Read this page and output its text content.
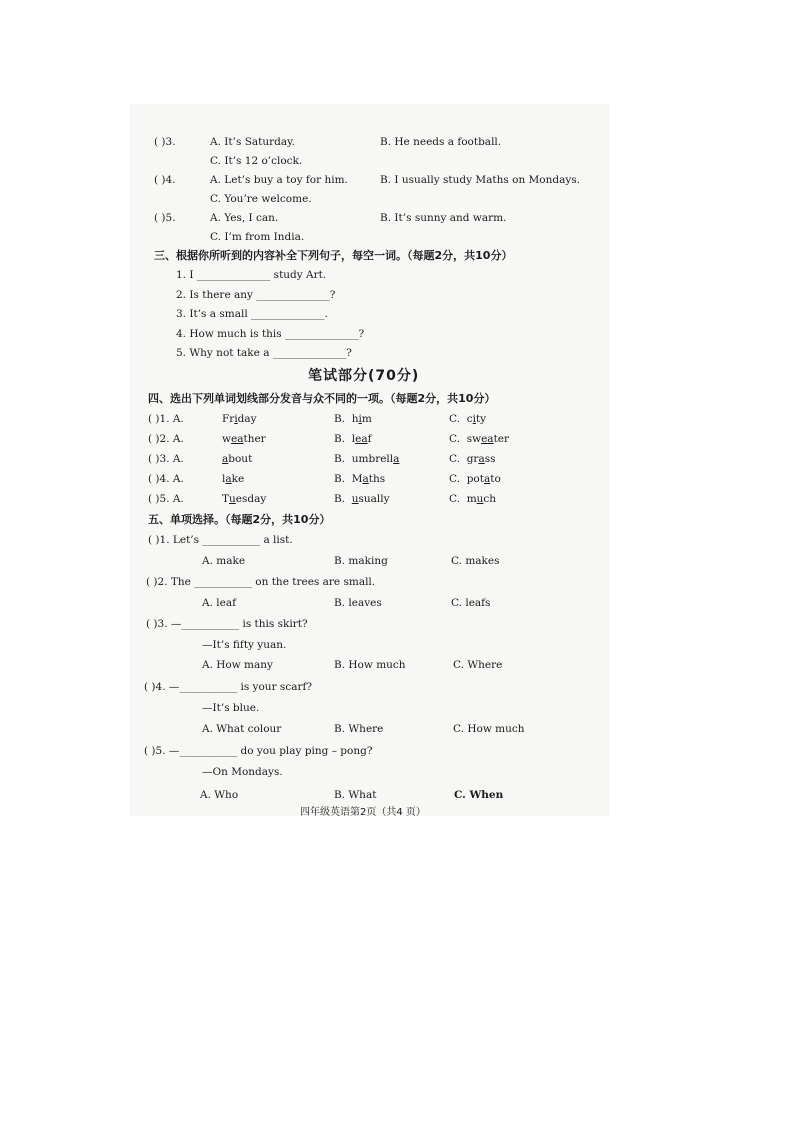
( )3.	A. It’s Saturday.	B. He needs a football.
C. It’s 12 o’clock.
( )4.	A. Let’s buy a toy for him.	B. I usually study Maths on Mondays.
C. You’re welcome.
( )5.	A. Yes, I can.	B. It’s sunny and warm.
C. I’m from India.
三、根据你所听到的内容补全下列句子，每空一词。（每题2分，共10分）
1. I ______________ study Art.
2. Is there any ______________?
3. It’s a small ______________.
4. How much is this ______________?
5. Why not take a ______________?
笔试部分(70分)
四、选出下列单词划线部分发音与众不同的一项。（每题2分，共10分）
( )1. A.	Friday	B. him	C. city
( )2. A.	weather	B. leaf	C. sweater
( )3. A.	about	B. umbrella	C. grass
( )4. A.	lake	B. Maths	C. potato
( )5. A.	Tuesday	B. usually	C. much
五、单项选择。（每题2分，共10分）
( )1. Let’s ___________ a list.
A. make	B. making	C. makes
( )2. The ___________ on the trees are small.
A. leaf	B. leaves	C. leafs
( )3. —___________ is this skirt?
—It’s fifty yuan.
A. How many	B. How much	C. Where
( )4. —___________ is your scarf?
—It’s blue.
A. What colour	B. Where	C. How much
( )5. —___________ do you play ping – pong?
—On Mondays.
A. Who	B. What	C. When
四年级英语第2页（共4 页）
